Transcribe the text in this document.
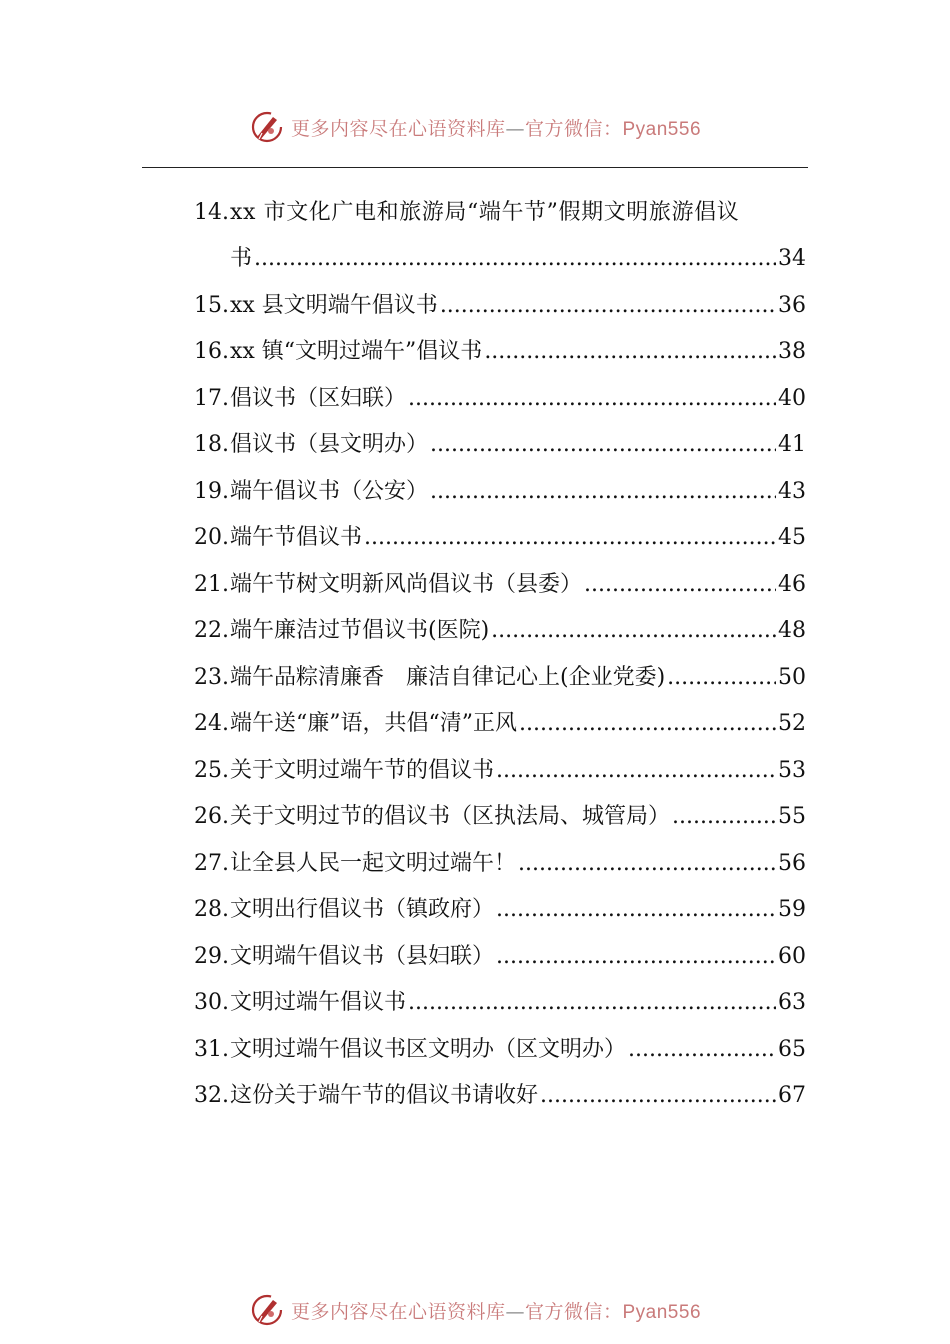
更多内容尽在心语资料库—官方微信：Pyan556
14. xx 市文化广电和旅游局“端午节”假期文明旅游倡议
书 .....	34
15. xx 县文明端午倡议书 .....	36
16. xx 镇“文明过端午”倡议书 .....	38
17. 倡议书（区妇联） .....	40
18. 倡议书（县文明办） .....	41
19. 端午倡议书（公安） .....	43
20. 端午节倡议书 .....	45
21. 端午节树文明新风尚倡议书（县委） .....	46
22. 端午廉洁过节倡议书(医院) .....	48
23. 端午品粽清廉香　廉洁自律记心上(企业党委) .....	50
24. 端午送“廉”语，共倡“清”正风 .....	52
25. 关于文明过端午节的倡议书 .....	53
26. 关于文明过节的倡议书（区执法局、城管局） .....	55
27. 让全县人民一起文明过端午！ .....	56
28. 文明出行倡议书（镇政府） .....	59
29. 文明端午倡议书（县妇联） .....	60
30. 文明过端午倡议书 .....	63
31. 文明过端午倡议书区文明办（区文明办） .....	65
32. 这份关于端午节的倡议书请收好 .....	67
更多内容尽在心语资料库—官方微信：Pyan556
